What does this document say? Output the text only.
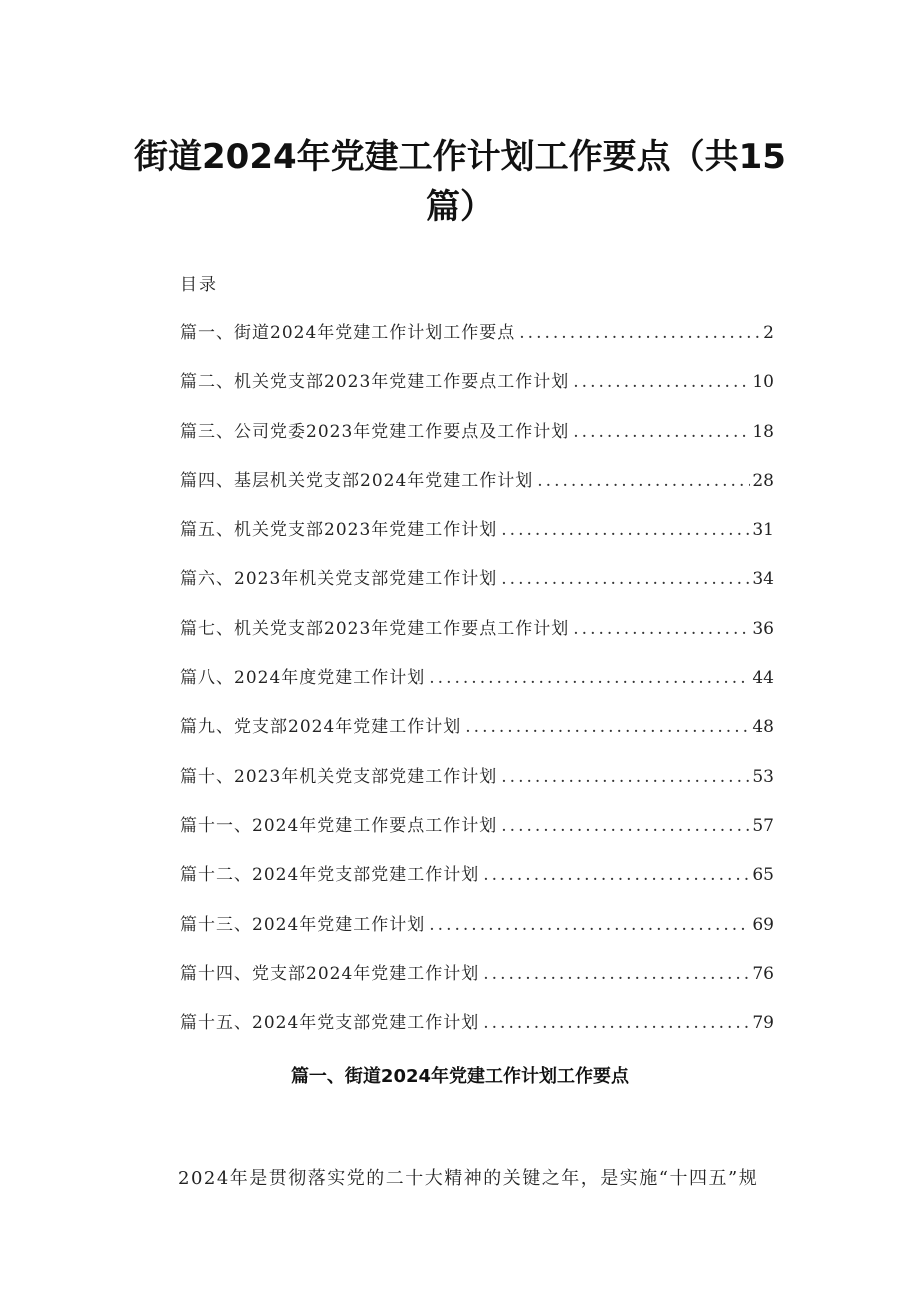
街道2024年党建工作计划工作要点（共15篇）
目录
篇一、街道2024年党建工作计划工作要点 .....	2
篇二、机关党支部2023年党建工作要点工作计划 .....	10
篇三、公司党委2023年党建工作要点及工作计划 .....	18
篇四、基层机关党支部2024年党建工作计划 .....	28
篇五、机关党支部2023年党建工作计划 .....	31
篇六、2023年机关党支部党建工作计划 .....	34
篇七、机关党支部2023年党建工作要点工作计划 .....	36
篇八、2024年度党建工作计划 .....	44
篇九、党支部2024年党建工作计划 .....	48
篇十、2023年机关党支部党建工作计划 .....	53
篇十一、2024年党建工作要点工作计划 .....	57
篇十二、2024年党支部党建工作计划 .....	65
篇十三、2024年党建工作计划 .....	69
篇十四、党支部2024年党建工作计划 .....	76
篇十五、2024年党支部党建工作计划 .....	79
篇一、街道2024年党建工作计划工作要点
2024年是贯彻落实党的二十大精神的关键之年，是实施“十四五”规
